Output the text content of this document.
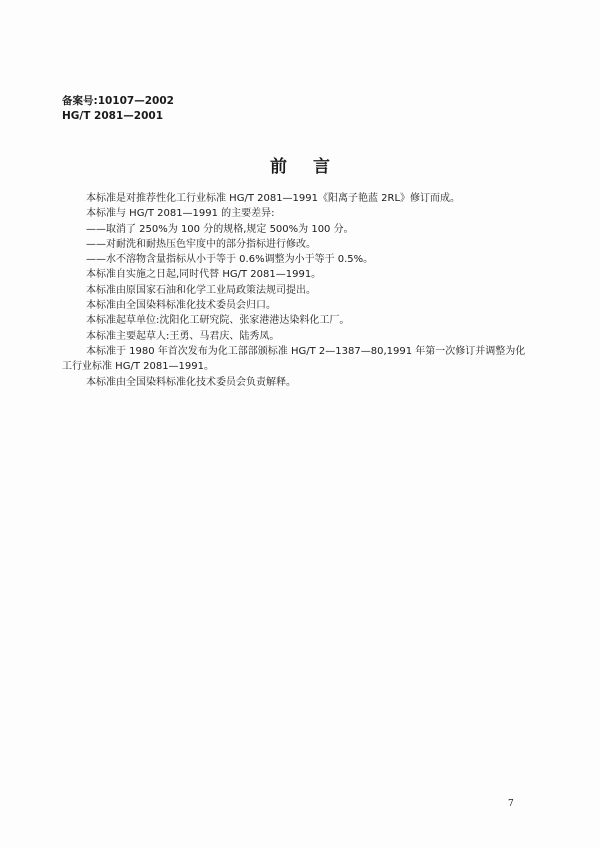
备案号:10107—2002
HG/T 2081—2001
前言

本标准是对推荐性化工行业标准 HG/T 2081—1991《阳离子艳蓝 2RL》修订而成。

本标准与 HG/T 2081—1991 的主要差异:

——取消了 250%为 100 分的规格,规定 500%为 100 分。

——对耐洗和耐热压色牢度中的部分指标进行修改。

——水不溶物含量指标从小于等于 0.6%调整为小于等于 0.5%。

本标准自实施之日起,同时代替 HG/T 2081—1991。

本标准由原国家石油和化学工业局政策法规司提出。

本标准由全国染料标准化技术委员会归口。

本标准起草单位:沈阳化工研究院、张家港港达染料化工厂。

本标准主要起草人:王勇、马君庆、陆秀凤。

本标准于 1980 年首次发布为化工部部颁标准 HG/T 2—1387—80,1991 年第一次修订并调整为化

工行业标准 HG/T 2081—1991。

本标准由全国染料标准化技术委员会负责解释。

7
